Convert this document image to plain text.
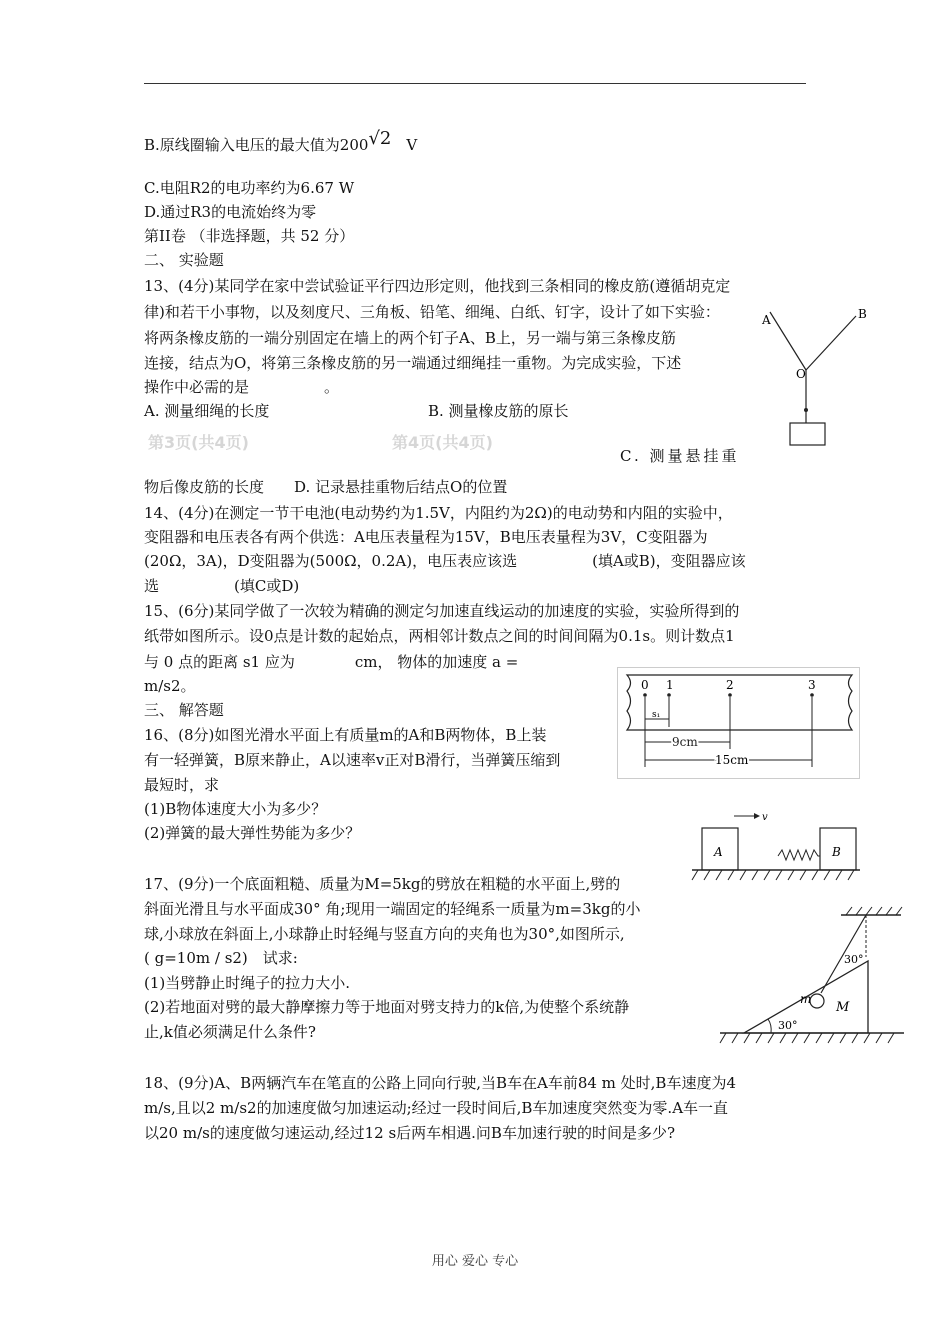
B.原线圈输入电压的最大值为200√2　 V
C.电阻R2的电功率约为6.67 W
D.通过R3的电流始终为零
第II卷 （非选择题，共 52 分）
二、 实验题
13、(4分)某同学在家中尝试验证平行四边形定则，他找到三条相同的橡皮筋(遵循胡克定
律)和若干小事物，以及刻度尺、三角板、铅笔、细绳、白纸、钉字，设计了如下实验：
将两条橡皮筋的一端分别固定在墙上的两个钉子A、B上，另一端与第三条橡皮筋
连接，结点为O，将第三条橡皮筋的另一端通过细绳挂一重物。为完成实验，下述
操作中必需的是　　　　　。
A. 测量细绳的长度	B. 测量橡皮筋的原长
第3页(共4页)	第4页(共4页)
C. 测量悬挂重
物后像皮筋的长度　　D. 记录悬挂重物后结点O的位置
14、(4分)在测定一节干电池(电动势约为1.5V，内阻约为2Ω)的电动势和内阻的实验中，
变阻器和电压表各有两个供选：A电压表量程为15V，B电压表量程为3V，C变阻器为
(20Ω，3A)，D变阻器为(500Ω，0.2A)，电压表应该选　　　　　(填A或B)，变阻器应该
选　　　　　(填C或D)
15、(6分)某同学做了一次较为精确的测定匀加速直线运动的加速度的实验，实验所得到的
纸带如图所示。设0点是计数的起始点，两相邻计数点之间的时间间隔为0.1s。则计数点1
与 0 点的距离 s1 应为　　　　cm， 物体的加速度 a =
m/s2。
三、 解答题
16、(8分)如图光滑水平面上有质量m的A和B两物体，B上装
有一轻弹簧，B原来静止，A以速率v正对B滑行，当弹簧压缩到
最短时，求
(1)B物体速度大小为多少？
(2)弹簧的最大弹性势能为多少？
17、(9分)一个底面粗糙、质量为M=5kg的劈放在粗糙的水平面上,劈的
斜面光滑且与水平面成30° 角;现用一端固定的轻绳系一质量为m=3kg的小
球,小球放在斜面上,小球静止时轻绳与竖直方向的夹角也为30°,如图所示,
( g=10m / s2)　试求:
(1)当劈静止时绳子的拉力大小.
(2)若地面对劈的最大静摩擦力等于地面对劈支持力的k倍,为使整个系统静
止,k值必须满足什么条件?
18、(9分)A、B两辆汽车在笔直的公路上同向行驶,当B车在A车前84 m 处时,B车速度为4
m/s,且以2 m/s2的加速度做匀加速运动;经过一段时间后,B车加速度突然变为零.A车一直
以20 m/s的速度做匀速运动,经过12 s后两车相遇.问B车加速行驶的时间是多少?
A	B
O
0 1	2	3
s₁
9cm
15cm
v
A	B
30°
m
M
30°
用心 爱心 专心
